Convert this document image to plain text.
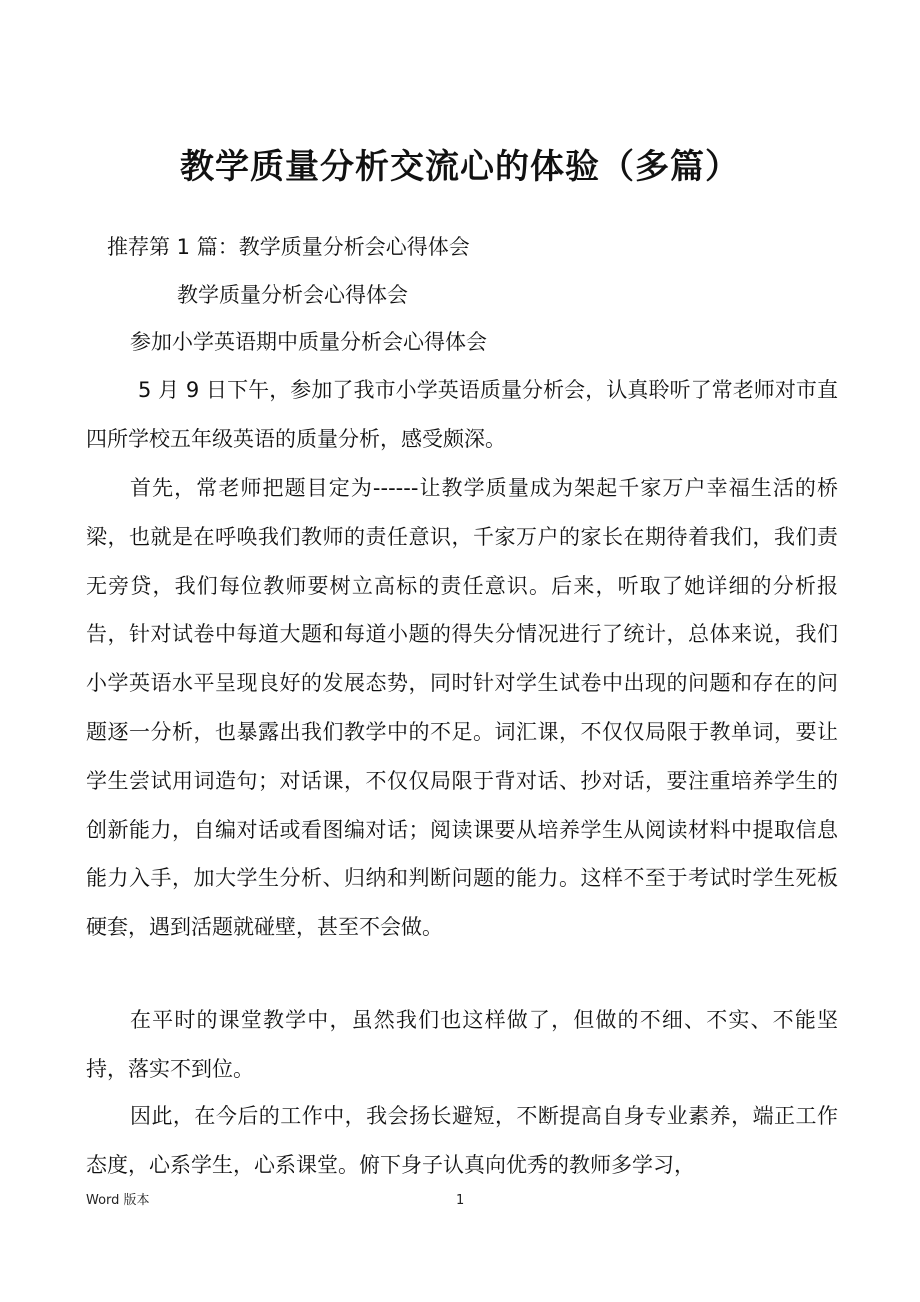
教学质量分析交流心的体验（多篇）
推荐第 1 篇：教学质量分析会心得体会
教学质量分析会心得体会
参加小学英语期中质量分析会心得体会

5 月 9 日下午，参加了我市小学英语质量分析会，认真聆听了常老师对市直四所学校五年级英语的质量分析，感受颇深。

首先，常老师把题目定为------让教学质量成为架起千家万户幸福生活的桥梁，也就是在呼唤我们教师的责任意识，千家万户的家长在期待着我们，我们责无旁贷，我们每位教师要树立高标的责任意识。后来，听取了她详细的分析报告，针对试卷中每道大题和每道小题的得失分情况进行了统计，总体来说，我们小学英语水平呈现良好的发展态势，同时针对学生试卷中出现的问题和存在的问题逐一分析，也暴露出我们教学中的不足。词汇课，不仅仅局限于教单词，要让学生尝试用词造句；对话课，不仅仅局限于背对话、抄对话，要注重培养学生的创新能力，自编对话或看图编对话；阅读课要从培养学生从阅读材料中提取信息能力入手，加大学生分析、归纳和判断问题的能力。这样不至于考试时学生死板硬套，遇到活题就碰壁，甚至不会做。

在平时的课堂教学中，虽然我们也这样做了，但做的不细、不实、不能坚持，落实不到位。

因此，在今后的工作中，我会扬长避短，不断提高自身专业素养，端正工作态度，心系学生，心系课堂。俯下身子认真向优秀的教师多学习，

Word 版本	1
